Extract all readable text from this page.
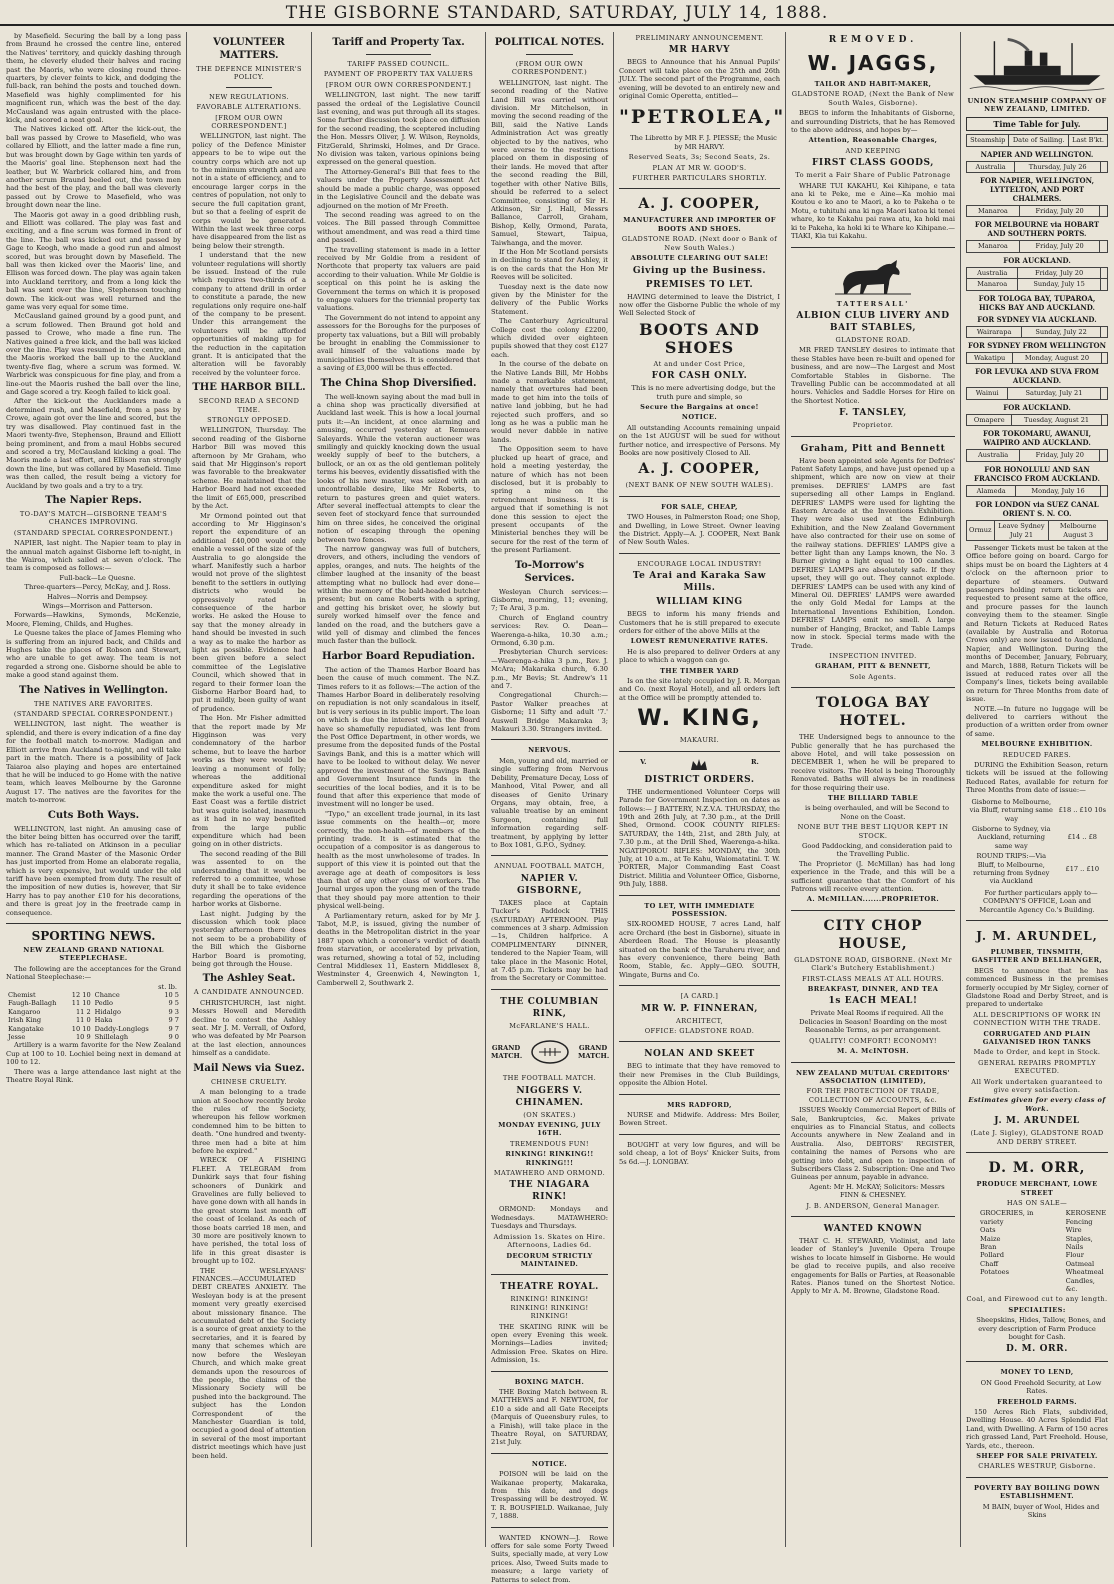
THE GISBORNE STANDARD, SATURDAY, JULY 14, 1888.

by Masefield. Securing the ball by a long pass from Braund he crossed the centre line, entered the Natives' territory, and quickly dashing through them, he cleverly eluded their halves and racing past the Maoris, who were closing round three-quarters, by clever feints to kick, and dodging the full-back, ran behind the posts and touched down. Masefield was highly complimented for his magnificent run, which was the best of the day. McCausland was again entrusted with the place-kick, and scored a neat goal.

The Natives kicked off. After the kick-out, the ball was passed by Crowe to Masefield, who was collared by Elliott, and the latter made a fine run, but was brought down by Gage within ten yards of the Maoris' goal line. Stephenson next had the leather, but W. Warbrick collared him, and from another scrum Braund beeled out, the town men had the best of the play, and the ball was cleverly passed out by Crowe to Masefield, who was brought down near the line.

The Maoris got away in a good dribbling rush, and Elliott was collared. The play was fast and exciting, and a fine scrum was formed in front of the line. The ball was kicked out and passed by Gage to Keogh, who made a good run and almost scored, but was brought down by Masefield. The ball was then kicked over the Maoris' line, and Ellison was forced down. The play was again taken into Auckland territory, and from a long kick the ball was sent over the line, Stephenson touching down. The kick-out was well returned and the game was very equal for some time.

McCausland gained ground by a good punt, and a scrum followed. Then Braund got hold and passed to Crowe, who made a fine run. The Natives gained a free kick, and the ball was kicked over the line. Play was resumed in the centre, and the Maoris worked the ball up to the Auckland twenty-five flag, where a scrum was formed. W. Warbrick was conspicuous for fine play, and from a line-out the Maoris rushed the ball over the line, and Gage scored a try. Keogh failed to kick goal.

After the kick-out the Aucklanders made a determined rush, and Masefield, from a pass by Crowe, again got over the line and scored, but the try was disallowed. Play continued fast in the Maori twenty-five, Stephenson, Braund and Elliott being prominent, and from a maul Hobbs secured and scored a try, McCausland kicking a goal. The Maoris made a last effort, and Ellison ran strongly down the line, but was collared by Masefield. Time was then called, the result being a victory for Auckland by two goals and a try to a try.

The Napier Reps.
TO-DAY'S MATCH—GISBORNE TEAM'S CHANCES IMPROVING.
(STANDARD SPECIAL CORRESPONDENT.)

NAPIER, last night. The Napier team to play in the annual match against Gisborne left to-night, in the Wairoa, which sailed at seven o'clock. The team is composed as follows:—

Full-back—Le Quesne.

Three-quarters—Percy, McKay, and J. Ross.

Halves—Norris and Dempsey.

Wings—Morrison and Patterson.

Forwards—Hawkins, Symonds, McKenzie, Moore, Fleming, Childs, and Hughes.

Le Quesne takes the place of James Fleming who is suffering from an injured back, and Childs and Hughes take the places of Robson and Stewart, who are unable to get away. The team is not regarded a strong one. Gisborne should be able to make a good stand against them.

The Natives in Wellington.
THE NATIVES ARE FAVORITES.
(STANDARD SPECIAL CORRESPONDENT.)

WELLINGTON, last night. The weather is splendid, and there is every indication of a fine day for the football match to-morrow. Madigan and Elliott arrive from Auckland to-night, and will take part in the match. There is a possibility of Jack Taiaroa also playing and hopes are entertained that he will be induced to go Home with the native team, which leaves Melbourne by the Garonne August 17. The natives are the favorites for the match to-morrow.

Cuts Both Ways.

WELLINGTON, last night. An amusing case of the biter being bitten has occurred over the tariff, which has re-taliated on Atkinson in a peculiar manner. The Grand Master of the Masonic Order has just imported from Home an elaborate regalia, which is very expensive, but would under the old tariff have been exempted from duty. The result of the imposition of new duties is, however, that Sir Harry has to pay another £10 for his decorations, and there is great joy in the freetrade camp in consequence.

SPORTING NEWS.
NEW ZEALAND GRAND NATIONAL STEEPLECHASE.

The following are the acceptances for the Grand National Steeplechase:—

st. lb.
Chemist	12 10	Chance	10 5
Faugh-Ballagh	11 10	Pedlo	9 5
Kangaroo	11 2	Hidalgo	9 3
Irish King	11 0	Haka	9 7
Kangatake	10 10	Daddy-Longlegs	9 7
Jesse	10 9	Shillelagh	9 0

Artillery is a warm favorite for the New Zealand Cup at 100 to 10. Lochiel being next in demand at 100 to 12.

There was a large attendance last night at the Theatre Royal Rink.

VOLUNTEER MATTERS.
THE DEFENCE MINISTER'S POLICY.
NEW REGULATIONS.
FAVORABLE ALTERATIONS.
[FROM OUR OWN CORRESPONDENT.]

WELLINGTON, last night. The policy of the Defence Minister appears to be to wipe out the country corps which are not up to the minimum strength and are not in a state of efficiency, and to encourage larger corps in the centres of population, not only to secure the full capitation grant, but so that a feeling of esprit de corps would be generated. Within the last week three corps have disappeared from the list as being below their strength.

I understand that the new volunteer regulations will shortly be issued. Instead of the rule which requires two-thirds of a company to attend drill in order to constitute a parade, the new regulations only require one-half of the company to be present. Under this arrangement the volunteers will be afforded opportunities of making up for the reduction in the capitation grant. It is anticipated that the alteration will be favorably received by the volunteer force.

THE HARBOR BILL.
SECOND READ A SECOND TIME.
STRONGLY OPPOSED.

WELLINGTON, Thursday. The second reading of the Gisborne Harbor Bill was moved this afternoon by Mr Graham, who said that Mr Higginson's report was favorable to the breakwater scheme. He maintained that the Harbor Board had not exceeded the limit of £65,000, prescribed by the Act.

Mr Ormond pointed out that according to Mr Higginson's report the expenditure of an additional £40,000 would only enable a vessel of the size of the Australia to go alongside the wharf. Manifestly such a harbor would not prove of the slightest benefit to the settlers in outlying districts who would be oppressively rated in consequence of the harbor works. He asked the House to say that the money already in hand should be invested in such a way as to make the harbor as light as possible. Evidence had been given before a select committee of the Legislative Council, which showed that in regard to their former loan the Gisborne Harbor Board had, to put it mildly, been guilty of want of prudence.

The Hon. Mr Fisher admitted that the report made by Mr Higginson was very condemnatory of the harbor scheme, but to leave the harbor works as they were would be leaving a monument of folly; whereas the additional expenditure asked for might make the work a useful one. The East Coast was a fertile district but was quite isolated, inasmuch as it had in no way benefited from the large public expenditure which had been going on in other districts.

The second reading of the Bill was assented to on the understanding that it would be referred to a committee, whose duty it shall be to take evidence regarding the operations of the harbor works at Gisborne.

Last night. Judging by the discussion which took place yesterday afternoon there does not seem to be a probability of the Bill which the Gisborne Harbor Board is promoting, being got through the House.

The Ashley Seat.
A CANDIDATE ANNOUNCED.

CHRISTCHURCH, last night. Messrs Howell and Meredith decline to contest the Ashley seat. Mr J. M. Verrall, of Oxford, who was defeated by Mr Pearson at the last election, announces himself as a candidate.

Mail News via Suez.
CHINESE CRUELTY.

A man belonging to a trade union at Soochow recently broke the rules of the Society, whereupon his fellow workmen condemned him to be bitten to death. "One hundred and twenty-three men had a bite at him before he expired."

WRECK OF A FISHING FLEET. A TELEGRAM from Dunkirk says that four fishing schooners of Dunkirk and Gravelines are fully believed to have gone down with all hands in the great storm last month off the coast of Iceland. As each of those boats carried 18 men, and 30 more are positively known to have perished, the total loss of life in this great disaster is brought up to 102.

THE WESLEYANS' FINANCES.—ACCUMULATED DEBT CREATES ANXIETY. The Wesleyan body is at the present moment very greatly exercised about missionary finance. The accumulated debt of the Society is a source of great anxiety to the secretaries, and it is feared by many that schemes which are now before the Wesleyan Church, and which make great demands upon the resources of the people, the claims of the Missionary Society will be pushed into the background. The subject has the London Correspondent of the Manchester Guardian is told, occupied a good deal of attention in several of the most important district meetings which have just been held.

Tariff and Property Tax.
TARIFF PASSED COUNCIL.
PAYMENT OF PROPERTY TAX VALUERS
[FROM OUR OWN CORRESPONDENT.]

WELLINGTON, last night. The new tariff passed the ordeal of the Legislative Council last evening, and was put through all its stages. Some further discussion took place on diffusion for the second reading, the sceptered including the Hon. Messrs Oliver, J. W. Wilson, Reynolds, FitzGerald, Shrimski, Holmes, and Dr Grace. No division was taken, various opinions being expressed on the general question.

The Attorney-General's Bill that fees to the valuers under the Property Assessment Act should be made a public charge, was opposed in the Legislative Council and the debate was adjourned on the motion of Mr Freeth.

The second reading was agreed to on the voices. The Bill passed through Committee without amendment, and was read a third time and passed.

The travelling statement is made in a letter received by Mr Goldie from a resident of Northcote that property tax valuers are paid according to their valuation. While Mr Goldie is sceptical on this point he is asking the Government the terms on which it is proposed to engage valuers for the triennial property tax valuations.

The Government do not intend to appoint any assessors for the Boroughs for the purposes of property tax valuations, but a Bill will probably be brought in enabling the Commissioner to avail himself of the valuations made by municipalities themselves. It is considered that a saving of £3,000 will be thus effected.

The China Shop Diversified.

The well-known saying about the mad bull in a china shop was practically diversified at Auckland last week. This is how a local journal puts it:—An incident, at once alarming and amusing, occurred yesterday at Remuera Saleyards. While the veteran auctioneer was smilingly and quickly knocking down the usual weekly supply of beef to the butchers, a bullock, or an ox as the old gentleman politely terms his beeves, evidently dissatisfied with the looks of his new master, was seized with an uncontrollable desire, like Mr Roberts, to return to pastures green and quiet waters. After several ineffectual attempts to clear the seven feet of stockyard fence that surrounded him on three sides, he conceived the original notion of escaping through the opening between two fences.

The narrow gangway was full of butchers, drovers, and others, including the vendors of apples, oranges, and nuts. The heights of the climber laughed at the insanity of the beast attempting what no bullock had ever done—within the memory of the bald-headed butcher present; but on came Roberts with a spring, and getting his brisket over, he slowly but surely worked himself over the fence and landed on the road, and the butchers gave a wild yell of dismay and climbed the fences much faster than the bullock.

Harbor Board Repudiation.

The action of the Thames Harbor Board has been the cause of much comment. The N.Z. Times refers to it as follows:—The action of the Thames Harbor Board in deliberately resolving on repudiation is not only scandalous in itself, but is very serious in its public import. The loan on which is due the interest which the Board have so shamefully repudiated, was lent from the Post Office Department, in other words, we presume from the deposited funds of the Postal Savings Bank, and this is a matter which will have to be looked to without delay. We never approved the investment of the Savings Bank and Government Insurance funds in the securities of the local bodies, and it is to be found that after this experience that mode of investment will no longer be used.

"Typo," an excellent trade journal, in its last issue comments on the health—or, more correctly, the non-health—of members of the printing trade. It is estimated that the occupation of a compositor is as dangerous to health as the most unwholesome of trades. In support of this view it is pointed out that the average age at death of compositors is less than that of any other class of workers. The Journal urges upon the young men of the trade that they should pay more attention to their physical well-being.

A Parliamentary return, asked for by Mr J. Tabot, M.P., is issued, giving the number of deaths in the Metropolitan district in the year 1887 upon which a coroner's verdict of death from starvation, or accelerated by privation, was returned, showing a total of 52, including Central Middlesex 11, Eastern Middlesex 8, Westminster 4, Greenwich 4, Newington 1, Camberwell 2, Southwark 2.

POLITICAL NOTES.
(FROM OUR OWN CORRESPONDENT.)

WELLINGTON, last night. The second reading of the Native Land Bill was carried without division. Mr Mitchelson, in moving the second reading of the Bill, said the Native Lands Administration Act was greatly objected to by the natives, who were averse to the restrictions placed on them in disposing of their lands. He moved that after the second reading the Bill, together with other Native Bills, should be referred to a select Committee, consisting of Sir H. Atkinson, Sir J. Hall, Messrs Ballance, Carroll, Graham, Bishop, Kelly, Ormond, Parata, Samuel, Stewart, Taipua, Taiwhanga, and the mover.

If the Hon Mr Scotland persists in declining to stand for Ashley, it is on the cards that the Hon Mr Reeves will be solicited.

Tuesday next is the date now given by the Minister for the delivery of the Public Works Statement.

The Canterbury Agricultural College cost the colony £2200, which divided over eighteen pupils showed that they cost £127 each.

In the course of the debate on the Native Lands Bill, Mr Hobbs made a remarkable statement, namely that overtures had been made to get him into the toils of native land jobbing, but he had rejected such proffers, and so long as he was a public man he would never dabble in native lands.

The Opposition seem to have plucked up heart of grace, and hold a meeting yesterday, the nature of which has not been disclosed, but it is probably to spring a mine on the retrenchment business. It is argued that if something is not done this session to eject the present occupants of the Ministerial benches they will be secure for the rest of the term of the present Parliament.

To-Morrow's Services.

Wesleyan Church services:—Gisborne, morning, 11; evening, 7; Te Arai, 3 p.m.

Church of England country services: Rev. O. Dean—Waerenga-a-hika, 10.30 a.m.; Ormond, 6.30 p.m.

Presbyterian Church services:—Waerenga-a-hika 3 p.m., Rev. J. McAra; Makaraka church, 6.30 p.m., Mr Bevis; St. Andrew's 11 and 7.

Congregational Church:—Pastor Walker preaches at Gisborne; 11 Sifty and adult '7.' Auswell Bridge Makaraka 3; Makauri 3.30. Strangers invited.

NERVOUS.

Men, young and old, married or single suffering from Nervous Debility, Premature Decay, Loss of Manhood, Vital Power, and all diseases of Genito Urinary Organs, may obtain, free, a valuable treatise by an eminent Surgeon, containing full information regarding self-treatment, by applying by letter to Box 1081, G.P.O., Sydney.

ANNUAL FOOTBALL MATCH,
NAPIER V. GISBORNE,

TAKES place at Captain Tucker's Paddock THIS (SATURDAY) AFTERNOON. Play commences at 3 sharp. Admission—1s, Children halfprice. A COMPLIMENTARY DINNER, tendered to the Napier Team, will take place in the Masonic Hotel, at 7.45 p.m. Tickets may be had from the Secretary or Committee.

THE COLUMBIAN RINK,
McFARLANE'S HALL.
GRAND MATCH.
GRAND MATCH.
THE FOOTBALL MATCH.
NIGGERS V. CHINAMEN.
(ON SKATES.)
MONDAY EVENING, JULY 16TH.
TREMENDOUS FUN!
RINKING! RINKING!! RINKING!!!
MATAWHERO AND ORMOND.
THE NIAGARA RINK!

ORMOND: Mondays and Wednesdays. MATAWHERO: Tuesdays and Thursdays.

Admission 1s. Skates on Hire. Afternoons, Ladies 6d.
DECORUM STRICTLY MAINTAINED.
THEATRE ROYAL.
RINKING! RINKING! RINKING! RINKING! RINKING!

THE SKATING RINK will be open every Evening this week. Mornings—Ladies invited; Admission Free. Skates on Hire. Admission, 1s.

BOXING MATCH.

THE Boxing Match between R. MATTHEWS and F. NEWTON, for £10 a side and all Gate Receipts (Marquis of Queensbury rules, to a Finish), will take place in the Theatre Royal, on SATURDAY, 21st July.

NOTICE.

POISON will be laid on the Waikanae property, Makaraka, from this date, and dogs Trespassing will be destroyed. W. T. R. BOUSFIELD. Waikanae, July 7, 1888.

WANTED KNOWN—J. Rowe offers for sale some Forty Tweed Suits, specially made, at very Low prices. Also, Tweed Suits made to measure; a large variety of Patterns to select from.

PRELIMINARY ANNOUNCEMENT.
MR HARVY

BEGS to Announce that his Annual Pupils' Concert will take place on the 25th and 26th JULY. The second part of the Programme, each evening, will be devoted to an entirely new and original Comic Operetta, entitled—

"PETROLEA,"

The Libretto by MR F. J. PIESSE; the Music by MR HARVY.

Reserved Seats, 3s; Second Seats, 2s.
PLAN AT MR W. GOOD'S.
FURTHER PARTICULARS SHORTLY.
A. J. COOPER,
MANUFACTURER AND IMPORTER OF BOOTS AND SHOES.
GLADSTONE ROAD. (Next door o Bank of New South Wales.)
ABSOLUTE CLEARING OUT SALE!
Giving up the Business.
PREMISES TO LET.

HAVING determined to leave the District, I now offer the Gisborne Public the whole of my Well Selected Stock of

BOOTS AND SHOES
At and under Cost Price,
FOR CASH ONLY.

This is no mere advertising dodge, but the truth pure and simple, so

Secure the Bargains at once!
NOTICE.

All outstanding Accounts remaining unpaid on the 1st AUGUST will be sued for without further notice, and irrespective of Persons. My Books are now positively Closed to All.

A. J. COOPER,
(NEXT BANK OF NEW SOUTH WALES).
FOR SALE, CHEAP,

TWO Houses, in Palmerston Road; one Shop, and Dwelling, in Lowe Street. Owner leaving the District. Apply—A. J. COOPER, Next Bank of New South Wales.

ENCOURAGE LOCAL INDUSTRY!
Te Arai and Karaka Saw Mills.
WILLIAM KING

BEGS to inform his many friends and Customers that he is still prepared to execute orders for either of the above Mills at the

LOWEST REMUNERATIVE RATES.

He is also prepared to deliver Orders at any place to which a waggon can go.

THE TIMBER YARD

Is on the site lately occupied by J. R. Morgan and Co. (next Royal Hotel), and all orders left at the Office will be promptly attended to.

W. KING,
MAKAURI.
V.	R.
DISTRICT ORDERS.

THE undermentioned Volunteer Corps will Parade for Government Inspection on dates as follows:— J BATTERY, N.Z.V.A. THURSDAY, the 19th and 26th July, at 7.30 p.m., at the Drill Shed, Ormond. COOK COUNTY RIFLES: SATURDAY, the 14th, 21st, and 28th July, at 7.30 p.m., at the Drill Shed, Waerenga-a-hika. NGATIPOROU RIFLES: MONDAY, the 30th July, at 10 a.m., at Te Kahu, Waiomatatini. T. W. PORTER, Major Commanding East Coast District. Militia and Volunteer Office, Gisborne, 9th July, 1888.

TO LET, WITH IMMEDIATE POSSESSION.

SIX-ROOMED HOUSE, 7 acres Land, half acre Orchard (the best in Gisborne), situate in Aberdeen Road. The House is pleasantly situated on the bank of the Taruheru river, and has every convenience, there being Bath Room, Stable, &c. Apply—GEO. SOUTH, Wingate, Burns and Co.

[A CARD.]
MR W. P. FINNERAN,
ARCHITECT,
OFFICE: GLADSTONE ROAD.
NOLAN AND SKEET

BEG to intimate that they have removed to their new Premises in the Club Buildings, opposite the Albion Hotel.

MRS RADFORD,

NURSE and Midwife. Address: Mrs Boiler, Bowen Street.

BOUGHT at very low figures, and will be sold cheap, a lot of Boys' Knicker Suits, from 5s 6d.—J. LONGBAY.

REMOVED.
W. JAGGS,
TAILOR AND HABIT-MAKER,
GLADSTONE ROAD, (Next the Bank of New South Wales, Gisborne).

BEGS to inform the Inhabitants of Gisborne, and surrounding Districts, that he has Removed to the above address, and hopes by—

Attention, Reasonable Charges,
AND KEEPING
FIRST CLASS GOODS,
To merit a Fair Share of Public Patronage

WHARE TUI KAKAHU, Kei Kihipane, e tata ana ki te Peke, me e Aine—Ka mohio mai Koutou e ko ano te Maori, a ko te Pakeha o te Motu, e tuhituhi ana ki nga Maori katoa ki tenei whare, ko te Kakahu pai rawa atu, ka hoki mai ki te Pakeha, ka hoki ki te Whare ko Kihipane.—TIAKI, Kia tui Kakahu.

TATTERSALL'
ALBION CLUB LIVERY AND BAIT STABLES,
GLADSTONE ROAD.

MR FRED TANSLEY desires to intimate that these Stables have been re-built and opened for business, and are now—The Largest and Most Comfortable Stables in Gisborne. The Travelling Public can be accommodated at all hours. Vehicles and Saddle Horses for Hire on the Shortest Notice.

F. TANSLEY,
Proprietor.
Graham, Pitt and Bennett

Have been appointed sole Agents for Defries' Patent Safety Lamps, and have just opened up a shipment, which are now on view at their premises. DEFRIES' LAMPS are fast superseding all other Lamps in England. DEFRIES' LAMPS were used for lighting the Eastern Arcade at the Inventions Exhibition. They were also used at the Edinburgh Exhibition, and the New Zealand Government have also contracted for their use on some of the railway stations. DEFRIES' LAMPS give a better light than any Lamps known, the No. 3 Burner giving a light equal to 100 candles. DEFRIES' LAMPS are absolutely safe. If they upset, they will go out. They cannot explode. DEFRIES' LAMPS can be used with any kind of Mineral Oil. DEFRIES' LAMPS were awarded the only Gold Medal for Lamps at the International Inventions Exhibition, London. DEFRIES' LAMPS emit no smell. A large number of Hanging, Bracket, and Table Lamps now in stock. Special terms made with the Trade.

INSPECTION INVITED.
GRAHAM, PITT & BENNETT,
Sole Agents.
TOLOGA BAY HOTEL.

THE Undersigned begs to announce to the Public generally that he has purchased the above Hotel, and will take possession on DECEMBER 1, when he will be prepared to receive visitors. The Hotel is being Thoroughly Renovated. Baths will always be in readiness for those requiring their use.

THE BILLIARD TABLE

is being overhauled, and will be Second to None on the Coast.

NONE BUT THE BEST LIQUOR KEPT IN STOCK.

Good Paddocking, and consideration paid to the Travelling Public.

The Proprietor (J. McMillan) has had long experience in the Trade, and this will be a sufficient guarantee that the Comfort of his Patrons will receive every attention.

A. McMILLAN.......PROPRIETOR.
CITY CHOP HOUSE,
GLADSTONE ROAD, GISBORNE. (Next Mr Clark's Butchery Establishment.)
FIRST-CLASS MEALS AT ALL HOURS.
BREAKFAST, DINNER, AND TEA
1s EACH MEAL!

Private Meal Rooms if required. All the Delicacies in Season! Boarding on the most Reasonable Terms, as per arrangement.

QUALITY! COMFORT! ECONOMY!
M. A. McINTOSH.
NEW ZEALAND MUTUAL CREDITORS' ASSOCIATION (LIMITED),
FOR THE PROTECTION OF TRADE, COLLECTION OF ACCOUNTS, &c.

ISSUES Weekly Commercial Report of Bills of Sale, Bankruptcies, &c. Makes private enquiries as to Financial Status, and collects Accounts anywhere in New Zealand and in Australia. Also, DEBTORS' REGISTER, containing the names of Persons who are getting into debt, and open to inspection of Subscribers Class 2. Subscription: One and Two Guineas per annum, payable in advance.

Agent: Mr H. McKAY; Solicitors: Messrs FINN & CHESNEY.

J. B. ANDERSON, General Manager.
WANTED KNOWN

THAT C. H. STEWARD, Violinist, and late leader of Stanley's Juvenile Opera Troupe wishes to locate himself in Gisborne. He would be glad to receive pupils, and also receive engagements for Balls or Parties, at Reasonable Rates. Pianos tuned on the Shortest Notice. Apply to Mr A. M. Browne, Gladstone Road.

UNION STEAMSHIP COMPANY OF NEW ZEALAND, LIMITED.
Time Table for July.
Steamship	Date of Sailing.	Last B'kt.
NAPIER AND WELLINGTON.
Australia	Thursday, July 26	
FOR NAPIER, WELLINGTON, LYTTELTON, AND PORT CHALMERS.
Manaroa	Friday, July 20	
FOR MELBOURNE via HOBART AND SOUTHERN PORTS.
Manaroa	Friday, July 20	
FOR AUCKLAND.
Australia	Friday, July 20	
Manaroa	Sunday, July 15	
FOR TOLOGA BAY, TUPAROA, HICKS BAY AND AUCKLAND.
FOR SYDNEY VIA AUCKLAND.
Wairarapa	Sunday, July 22	
FOR SYDNEY FROM WELLINGTON
Wakatipu	Monday, August 20	
FOR LEVUKA AND SUVA FROM AUCKLAND.
Wainui	Saturday, July 21	
FOR AUCKLAND.
Omapere	Tuesday, August 21	
FOR TOKOMARU, AWANUI, WAIPIRO AND AUCKLAND.
Australia	Friday, July 20	
FOR HONOLULU AND SAN FRANCISCO FROM AUCKLAND.
Alameda	Monday, July 16	
FOR LONDON via SUEZ CANAL ORIENT S. N. CO.
Ormuz	Leave Sydney July 21	Melbourne August 3

Passenger Tickets must be taken at the Office before going on board. Cargo for ships must be on board the Lighters at 4 o'clock on the afternoon prior to departure of steamers. Outward passengers holding return tickets are requested to present same at the office, and procure passes for the launch conveying them to the steamer. Single and Return Tickets at Reduced Rates (available by Australia and Rotorua Crows only) are now issued to Auckland, Napier, and Wellington. During the months of December, January, February, and March, 1888, Return Tickets will be issued at reduced rates over all the Company's lines, tickets being available on return for Three Months from date of issue.

NOTE.—In future no luggage will be delivered to carriers without the production of a written order from owner of same.

MELBOURNE EXHIBITION.
REDUCED FARES.

DURING the Exhibition Season, return tickets will be issued at the following Reduced Rates, available for return for Three Months from date of issue:—

Gisborne to Melbourne, via Bluff, returning same way	£18 .. £10 10s
Gisborne to Sydney, via Auckland, returning same way	£14 .. £8
ROUND TRIPS:—Via Bluff, to Melbourne, returning from Sydney via Auckland	£17 .. £10

For further particulars apply to—COMPANY'S OFFICE, Loan and Mercantile Agency Co.'s Building.

J. M. ARUNDEL,
PLUMBER, TINSMITH, GASFITTER AND BELLHANGER,

BEGS to announce that he has commenced Business in the premises formerly occupied by Mr Sigley, corner of Gladstone Road and Derby Street, and is prepared to undertake

ALL DESCRIPTIONS OF WORK IN CONNECTION WITH THE TRADE.
CORRUGATED AND PLAIN GALVANISED IRON TANKS
Made to Order, and kept in Stock.
GENERAL REPAIRS PROMPTLY EXECUTED.
All Work undertaken guaranteed to give every satisfaction.
Estimates given for every class of Work.
J. M. ARUNDEL
(Late J. Sigley), GLADSTONE ROAD AND DERBY STREET.
D. M. ORR,
PRODUCE MERCHANT, LOWE STREET
HAS ON SALE—
GROCERIES, in variety
Oats
Maize
Bran
Pollard
Chaff
Potatoes
KEROSENE
Fencing Wire
Staples, Nails
Flour
Oatmeal
Wheatmeal
Candles, &c.
Coal, and Firewood cut to any length.
SPECIALTIES:

Sheepskins, Hides, Tallow, Bones, and every description of Farm Produce bought for Cash.

D. M. ORR.
MONEY TO LEND,

ON Good Freehold Security, at Low Rates.

FREEHOLD FARMS.

150 Acres Rich Flats, subdivided, Dwelling House. 40 Acres Splendid Flat Land, with Dwelling. A Farm of 150 acres rich grassed Land, Part Freehold. House, Yards, etc., thereon.

SHEEP FOR SALE PRIVATELY.
CHARLES WESTRUP, Gisborne.
POVERTY BAY BOILING DOWN ESTABLISHMENT.

M BAIN, buyer of Wool, Hides and Skins
